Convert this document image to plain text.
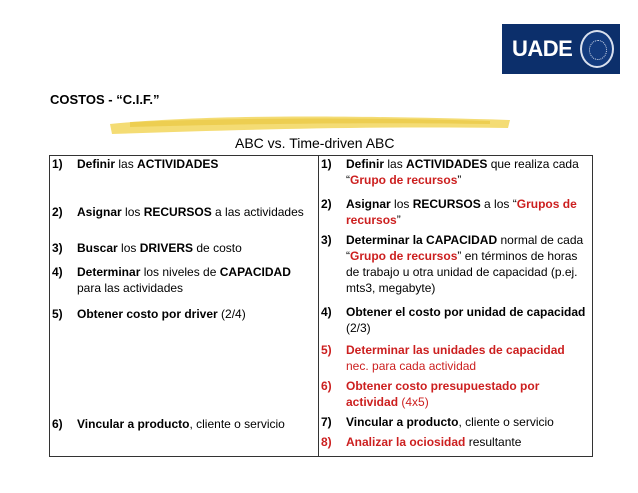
UADE
COSTOS - “C.I.F.”
ABC vs. Time-driven ABC
1)	Definir las ACTIVIDADES
2)	Asignar los RECURSOS a las actividades
3)	Buscar los DRIVERS de costo
4)	Determinar los niveles de CAPACIDAD para las actividades
5)	Obtener costo por driver (2/4)
6)	Vincular a producto, cliente o servicio

1)	Definir las ACTIVIDADES que realiza cada “Grupo de recursos”
2)	Asignar los RECURSOS a los “Grupos de recursos”
3)	Determinar la CAPACIDAD normal de cada “Grupo de recursos” en términos de horas de trabajo u otra unidad de capacidad (p.ej. mts3, megabyte)
4)	Obtener el costo por unidad de capacidad (2/3)
5)	Determinar las unidades de capacidad nec. para cada actividad
6)	Obtener costo presupuestado por actividad (4x5)
7)	Vincular a producto, cliente o servicio
8)	Analizar la ociosidad resultante
